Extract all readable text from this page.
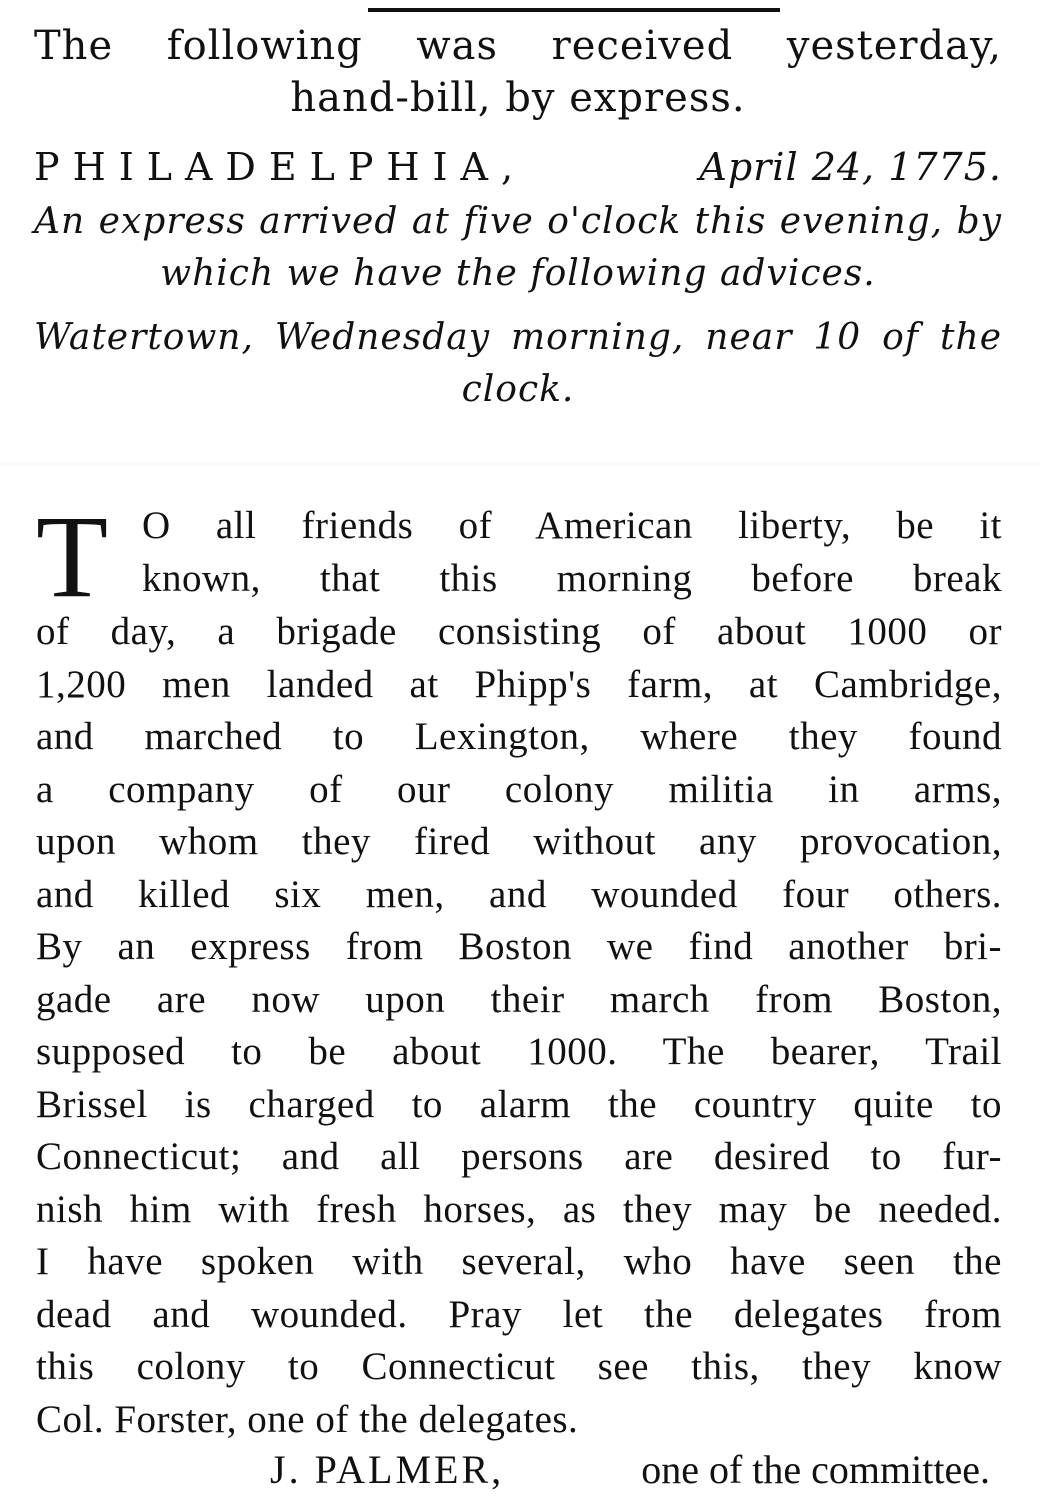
The following was received yesterday,
hand-bill, by express.
PHILADELPHIA,	April 24, 1775.
An express arrived at five o'clock this evening, by
which we have the following advices.
Watertown, Wednesday morning, near 10 of the
clock.
T O all friends of American liberty, be it
known, that this morning before break
of day, a brigade consisting of about 1000 or
1,200 men landed at Phipp's farm, at Cambridge,
and marched to Lexington, where they found
a company of our colony militia in arms,
upon whom they fired without any provocation,
and killed six men, and wounded four others.
By an express from Boston we find another bri-
gade are now upon their march from Boston,
supposed to be about 1000. The bearer, Trail
Brissel is charged to alarm the country quite to
Connecticut; and all persons are desired to fur-
nish him with fresh horses, as they may be needed.
I have spoken with several, who have seen the
dead and wounded. Pray let the delegates from
this colony to Connecticut see this, they know
Col. Forster, one of the delegates.
J. PALMER,	one of the committee.
